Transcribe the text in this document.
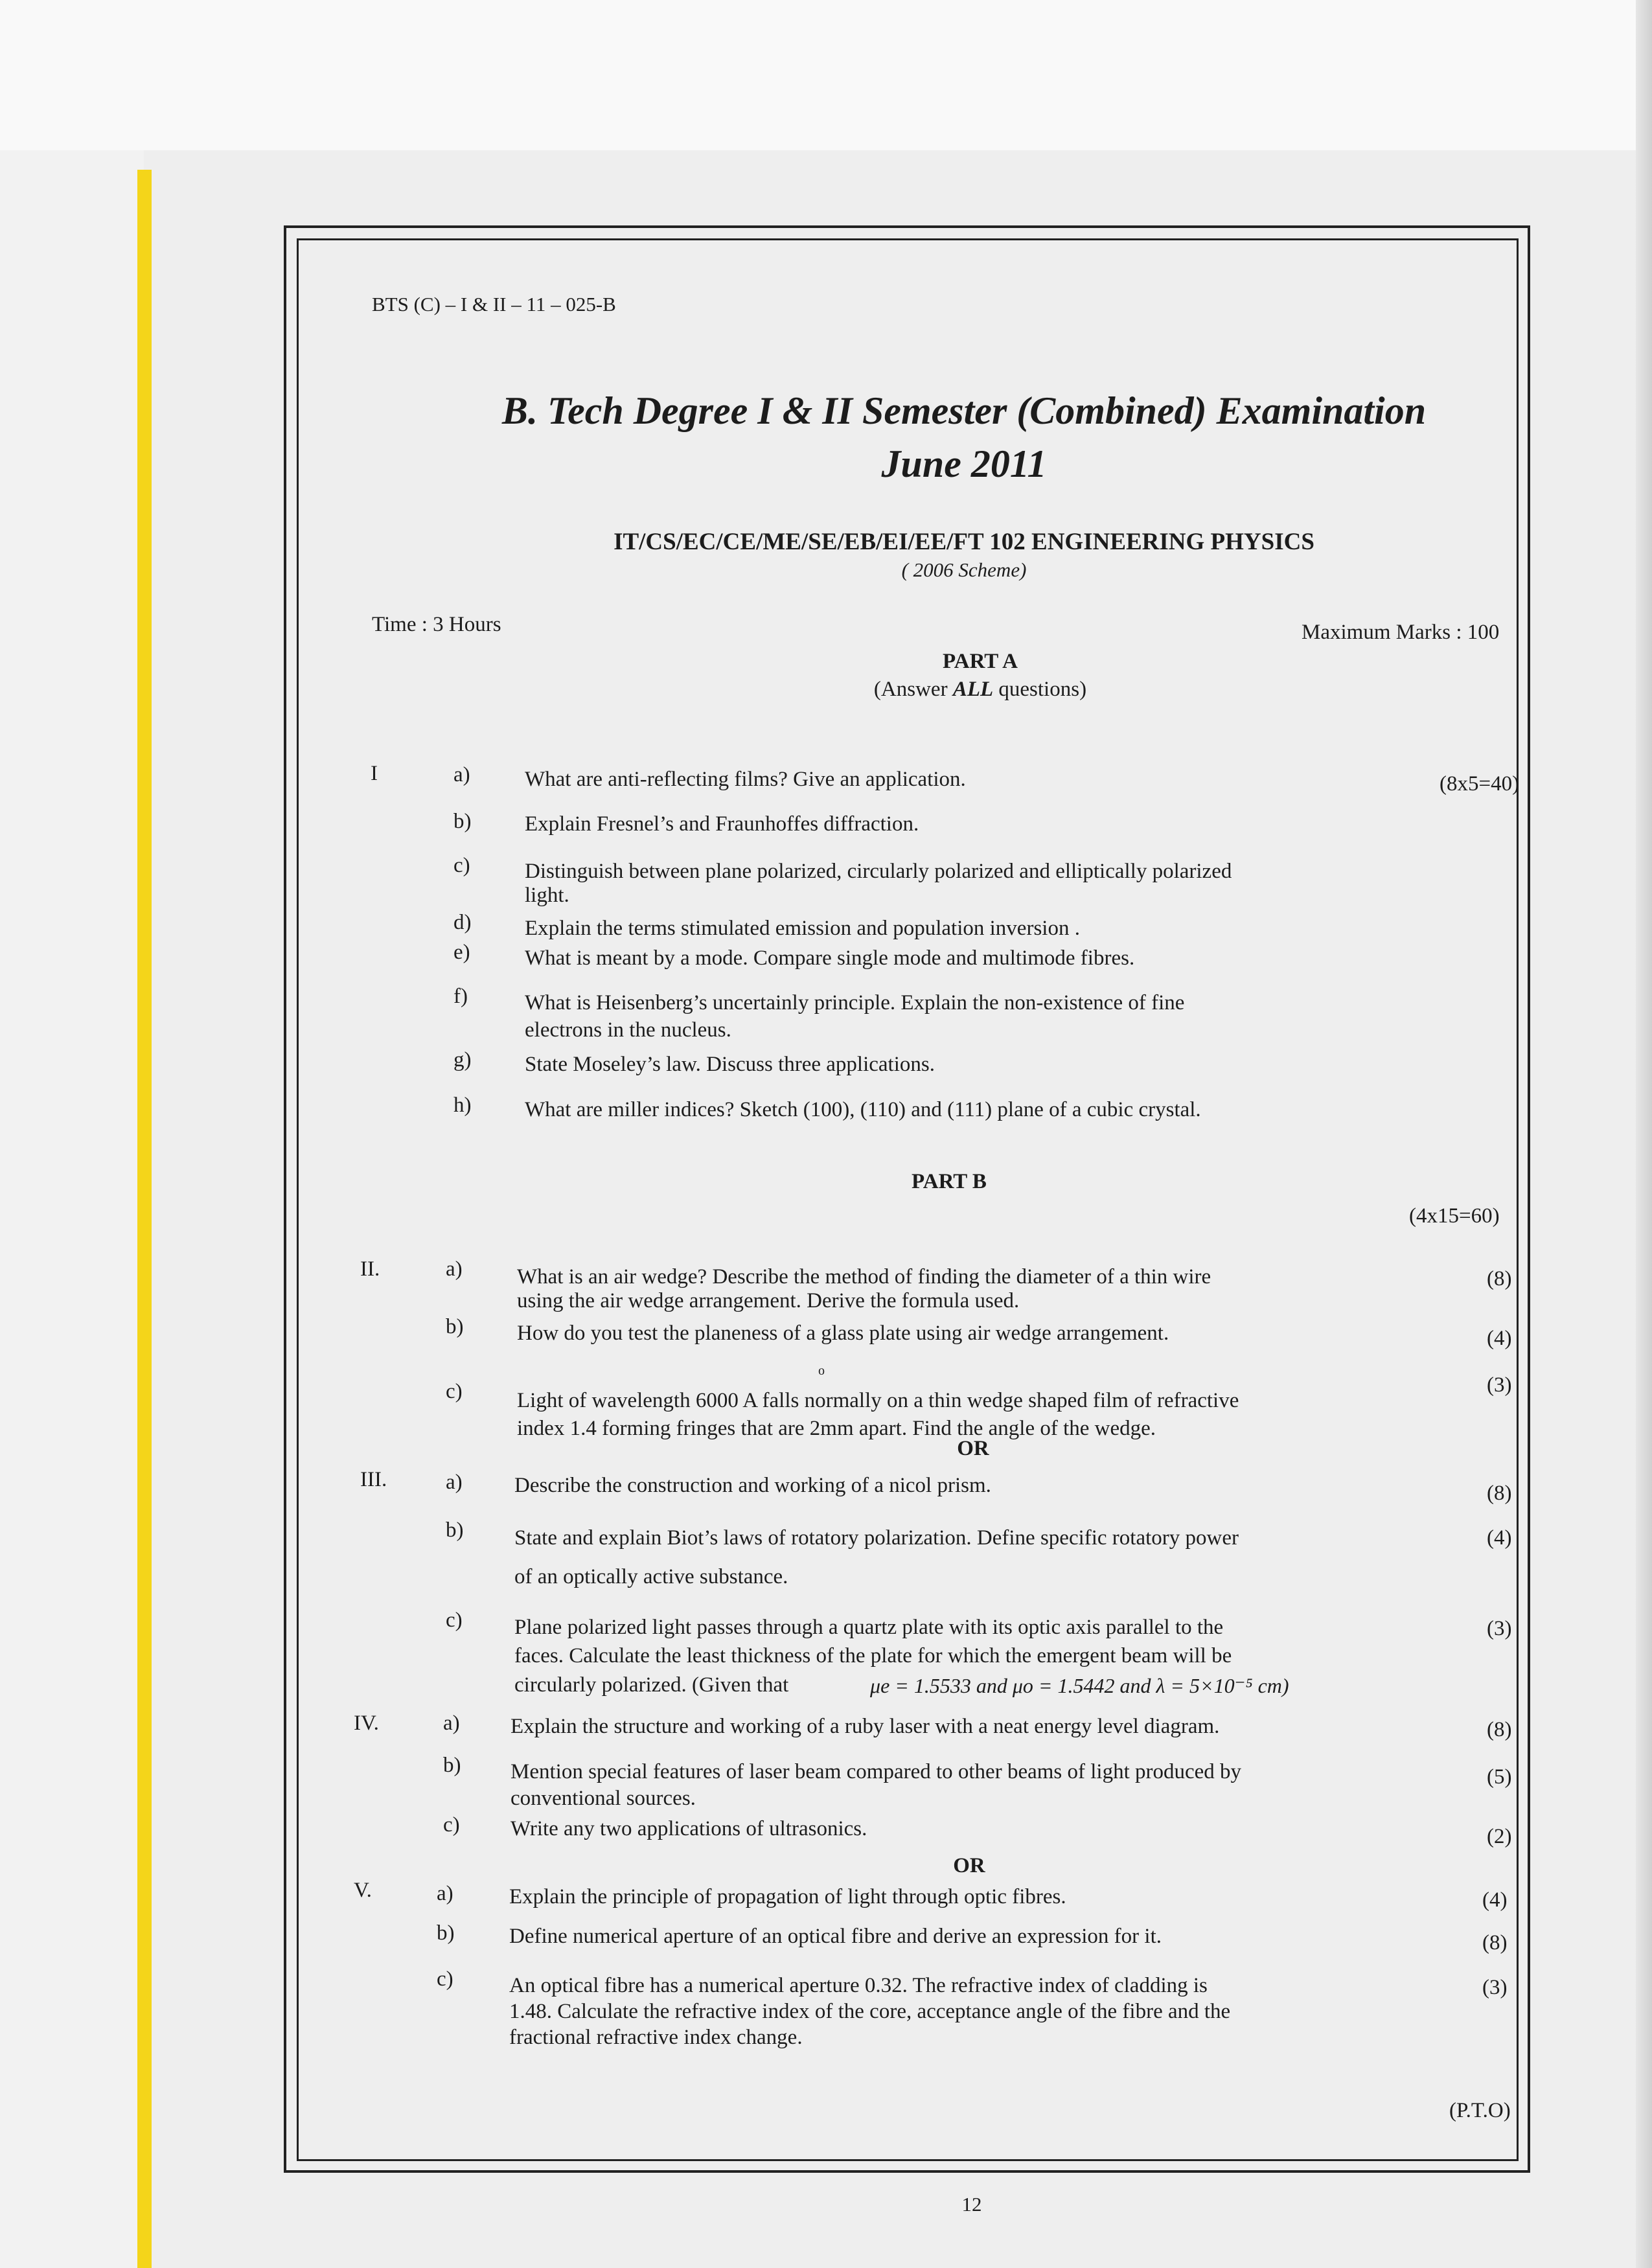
BTS (C) – I & II – 11 – 025-B
B. Tech Degree I & II Semester (Combined) Examination
June 2011
IT/CS/EC/CE/ME/SE/EB/EI/EE/FT 102 ENGINEERING PHYSICS
( 2006 Scheme)
Time : 3 Hours	Maximum Marks : 100
PART A
(Answer ALL questions)
I	(8x5=40)
a)	What are anti-reflecting films? Give an application.
b)	Explain Fresnel’s and Fraunhoffes diffraction.
c)	Distinguish between plane polarized, circularly polarized and elliptically polarized
light.
d)	Explain the terms stimulated emission and population inversion .
e)	What is meant by a mode. Compare single mode and multimode fibres.
f)	What is Heisenberg’s uncertainly principle. Explain the non-existence of fine
electrons in the nucleus.
g)	State Moseley’s law. Discuss three applications.
h)	What are miller indices? Sketch (100), (110) and (111) plane of a cubic crystal.
PART B
(4x15=60)
II.	a)	What is an air wedge? Describe the method of finding the diameter of a thin wire
using the air wedge arrangement. Derive the formula used.
(8)
b)	How do you test the planeness of a glass plate using air wedge arrangement.	(4)
o
c)	Light of wavelength 6000 A falls normally on a thin wedge shaped film of refractive
index 1.4 forming fringes that are 2mm apart. Find the angle of the wedge.
(3)
OR
III.	a) Describe the construction and working of a nicol prism.	(8)
b) State and explain Biot’s laws of rotatory polarization. Define specific rotatory power
of an optically active substance.
(4)
c) Plane polarized light passes through a quartz plate with its optic axis parallel to the
faces. Calculate the least thickness of the plate for which the emergent beam will be
circularly polarized. (Given that	μe = 1.5533 and μo = 1.5442 and λ = 5×10⁻⁵ cm)
(3)
IV.	a) Explain the structure and working of a ruby laser with a neat energy level diagram.	(8)
b) Mention special features of laser beam compared to other beams of light produced by
conventional sources.
(5)
c) Write any two applications of ultrasonics.	(2)
OR
V.	a)	Explain the principle of propagation of light through optic fibres.	(4)
b)	Define numerical aperture of an optical fibre and derive an expression for it.	(8)
c)	An optical fibre has a numerical aperture 0.32. The refractive index of cladding is
1.48. Calculate the refractive index of the core, acceptance angle of the fibre and the
fractional refractive index change.
(3)
(P.T.O)
12
